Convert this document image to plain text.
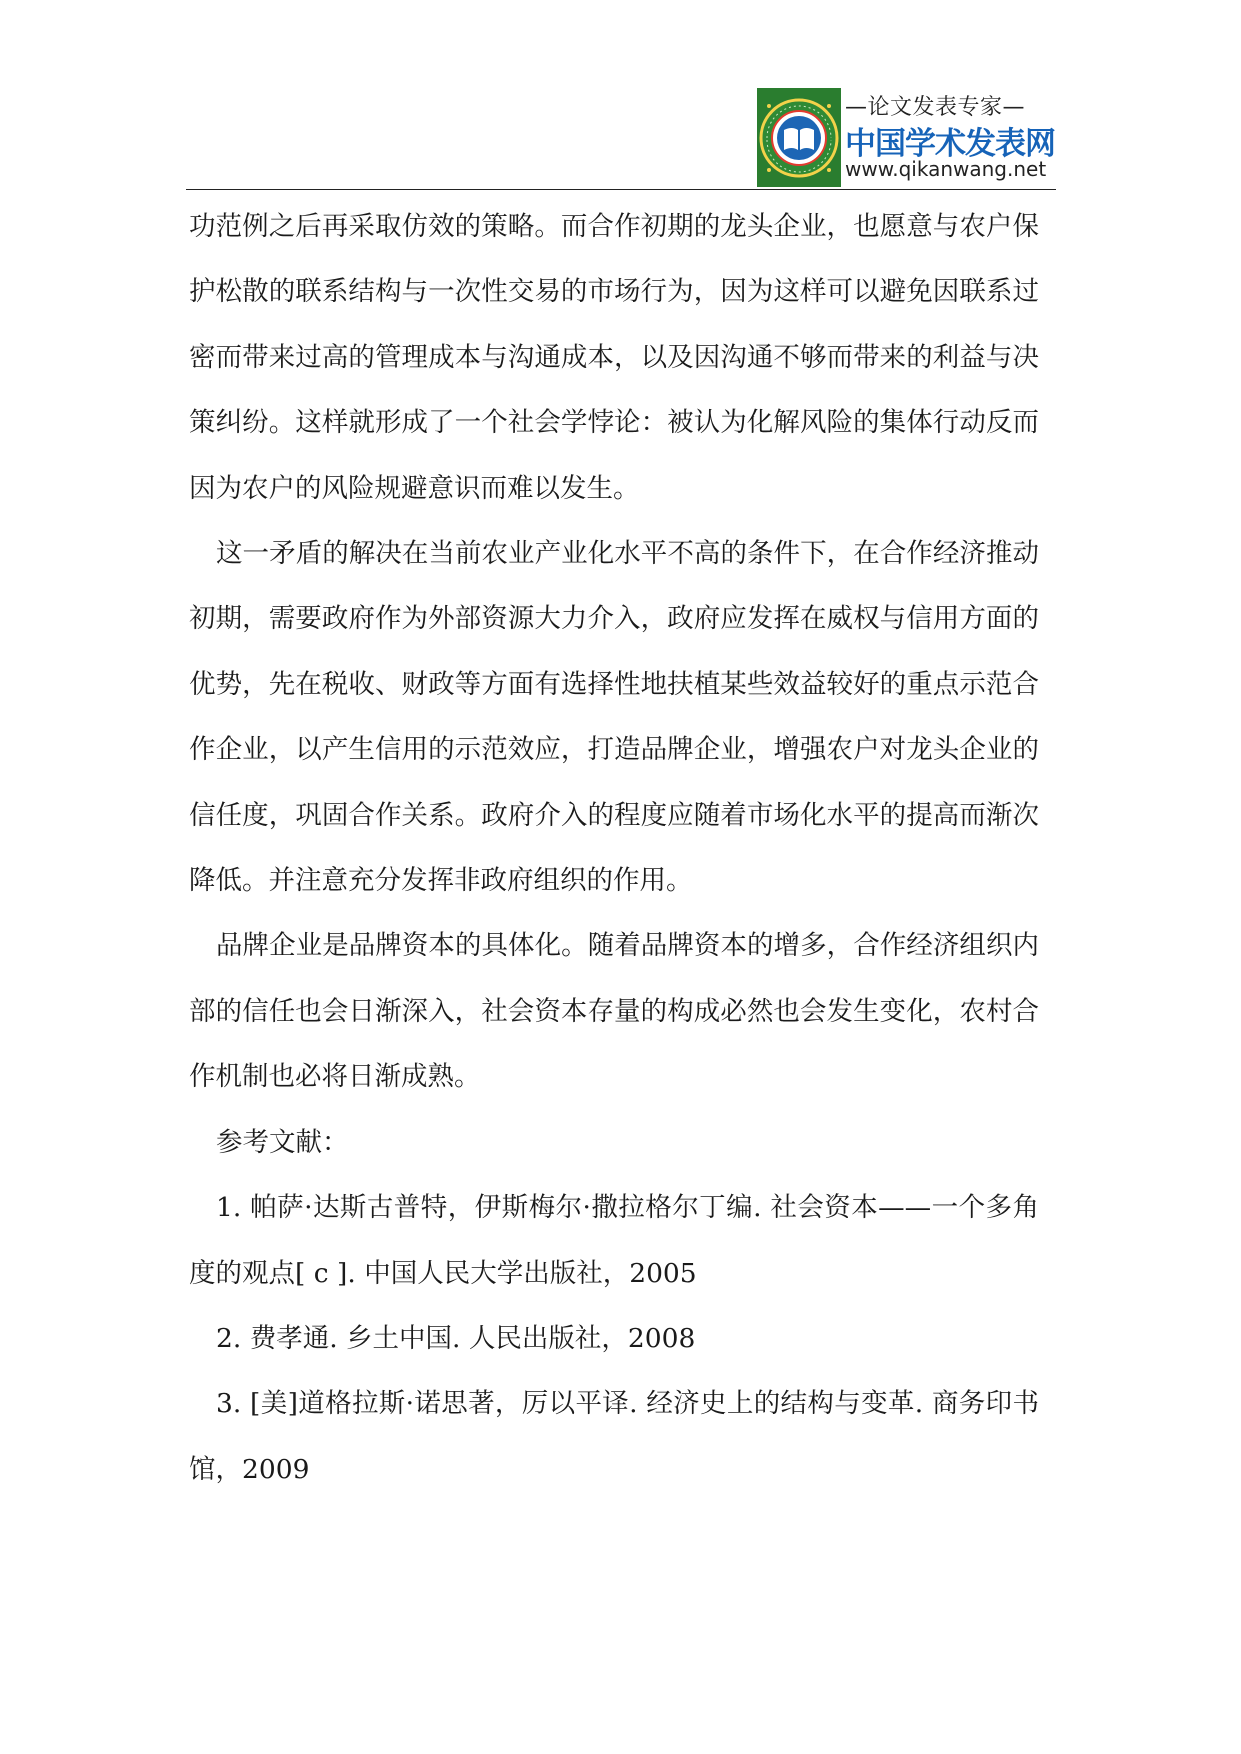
—论文发表专家—
中国学术发表网
www.qikanwang.net

功范例之后再采取仿效的策略。而合作初期的龙头企业，也愿意与农户保护松散的联系结构与一次性交易的市场行为，因为这样可以避免因联系过密而带来过高的管理成本与沟通成本，以及因沟通不够而带来的利益与决策纠纷。这样就形成了一个社会学悖论：被认为化解风险的集体行动反而因为农户的风险规避意识而难以发生。

这一矛盾的解决在当前农业产业化水平不高的条件下，在合作经济推动初期，需要政府作为外部资源大力介入，政府应发挥在威权与信用方面的优势，先在税收、财政等方面有选择性地扶植某些效益较好的重点示范合作企业，以产生信用的示范效应，打造品牌企业，增强农户对龙头企业的信任度，巩固合作关系。政府介入的程度应随着市场化水平的提高而渐次降低。并注意充分发挥非政府组织的作用。

品牌企业是品牌资本的具体化。随着品牌资本的增多，合作经济组织内部的信任也会日渐深入，社会资本存量的构成必然也会发生变化，农村合作机制也必将日渐成熟。

参考文献：

1. 帕萨·达斯古普特，伊斯梅尔·撒拉格尔丁编. 社会资本——一个多角度的观点[ c ]. 中国人民大学出版社，2005

2. 费孝通. 乡土中国. 人民出版社，2008

3. [美]道格拉斯·诺思著，厉以平译. 经济史上的结构与变革. 商务印书馆，2009
